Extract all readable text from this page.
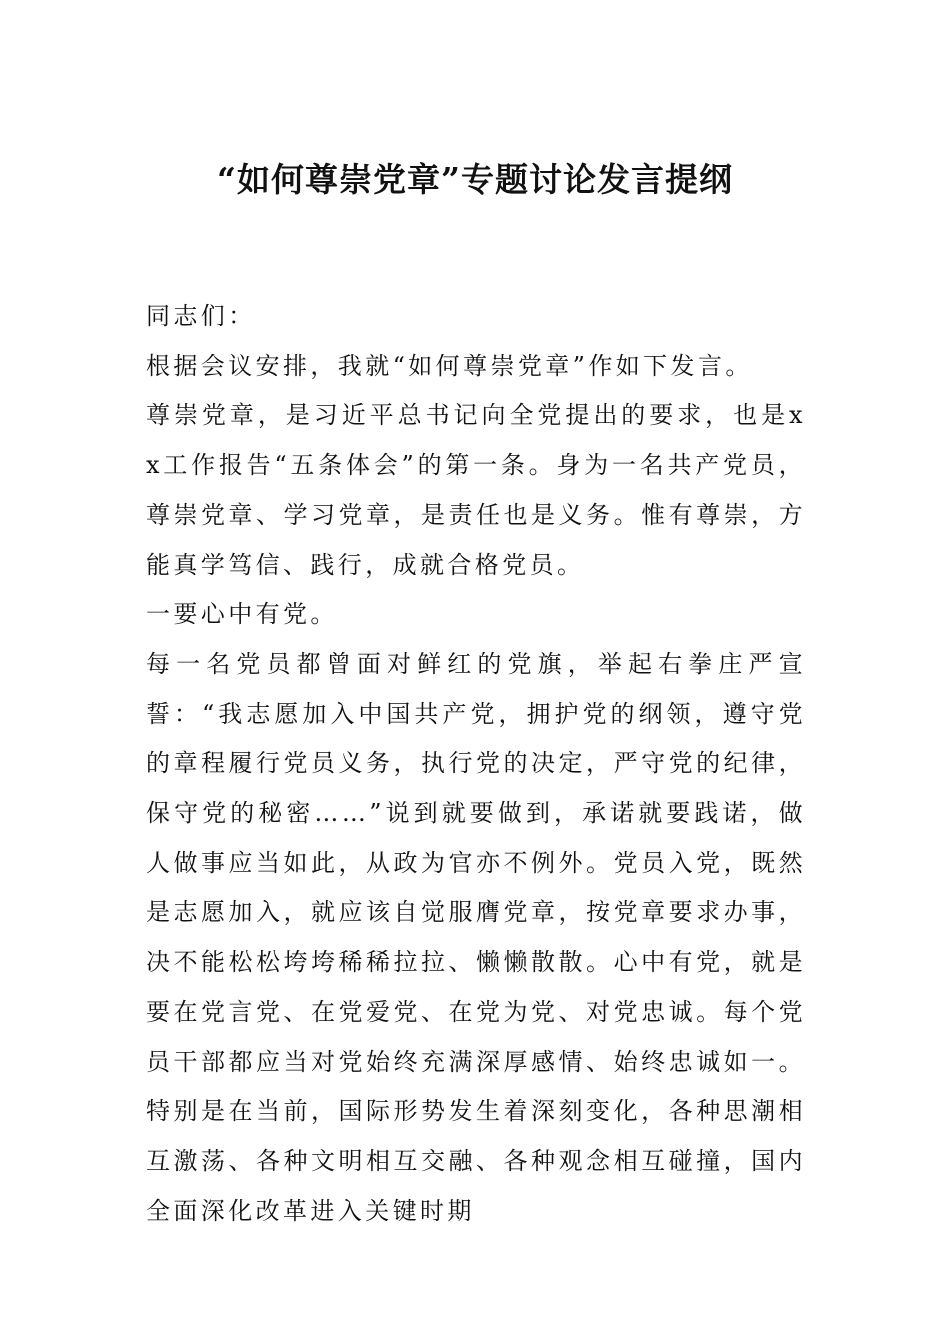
“如何尊崇党章”专题讨论发言提纲

同志们：

根据会议安排，我就“如何尊崇党章”作如下发言。

尊崇党章，是习近平总书记向全党提出的要求，也是xx工作报告“五条体会”的第一条。身为一名共产党员，尊崇党章、学习党章，是责任也是义务。惟有尊崇，方能真学笃信、践行，成就合格党员。

一要心中有党。

每一名党员都曾面对鲜红的党旗，举起右拳庄严宣誓：“我志愿加入中国共产党，拥护党的纲领，遵守党的章程履行党员义务，执行党的决定，严守党的纪律，保守党的秘密……”说到就要做到，承诺就要践诺，做人做事应当如此，从政为官亦不例外。党员入党，既然是志愿加入，就应该自觉服膺党章，按党章要求办事，决不能松松垮垮稀稀拉拉、懒懒散散。心中有党，就是要在党言党、在党爱党、在党为党、对党忠诚。每个党员干部都应当对党始终充满深厚感情、始终忠诚如一。特别是在当前，国际形势发生着深刻变化，各种思潮相互激荡、各种文明相互交融、各种观念相互碰撞，国内全面深化改革进入关键时期
